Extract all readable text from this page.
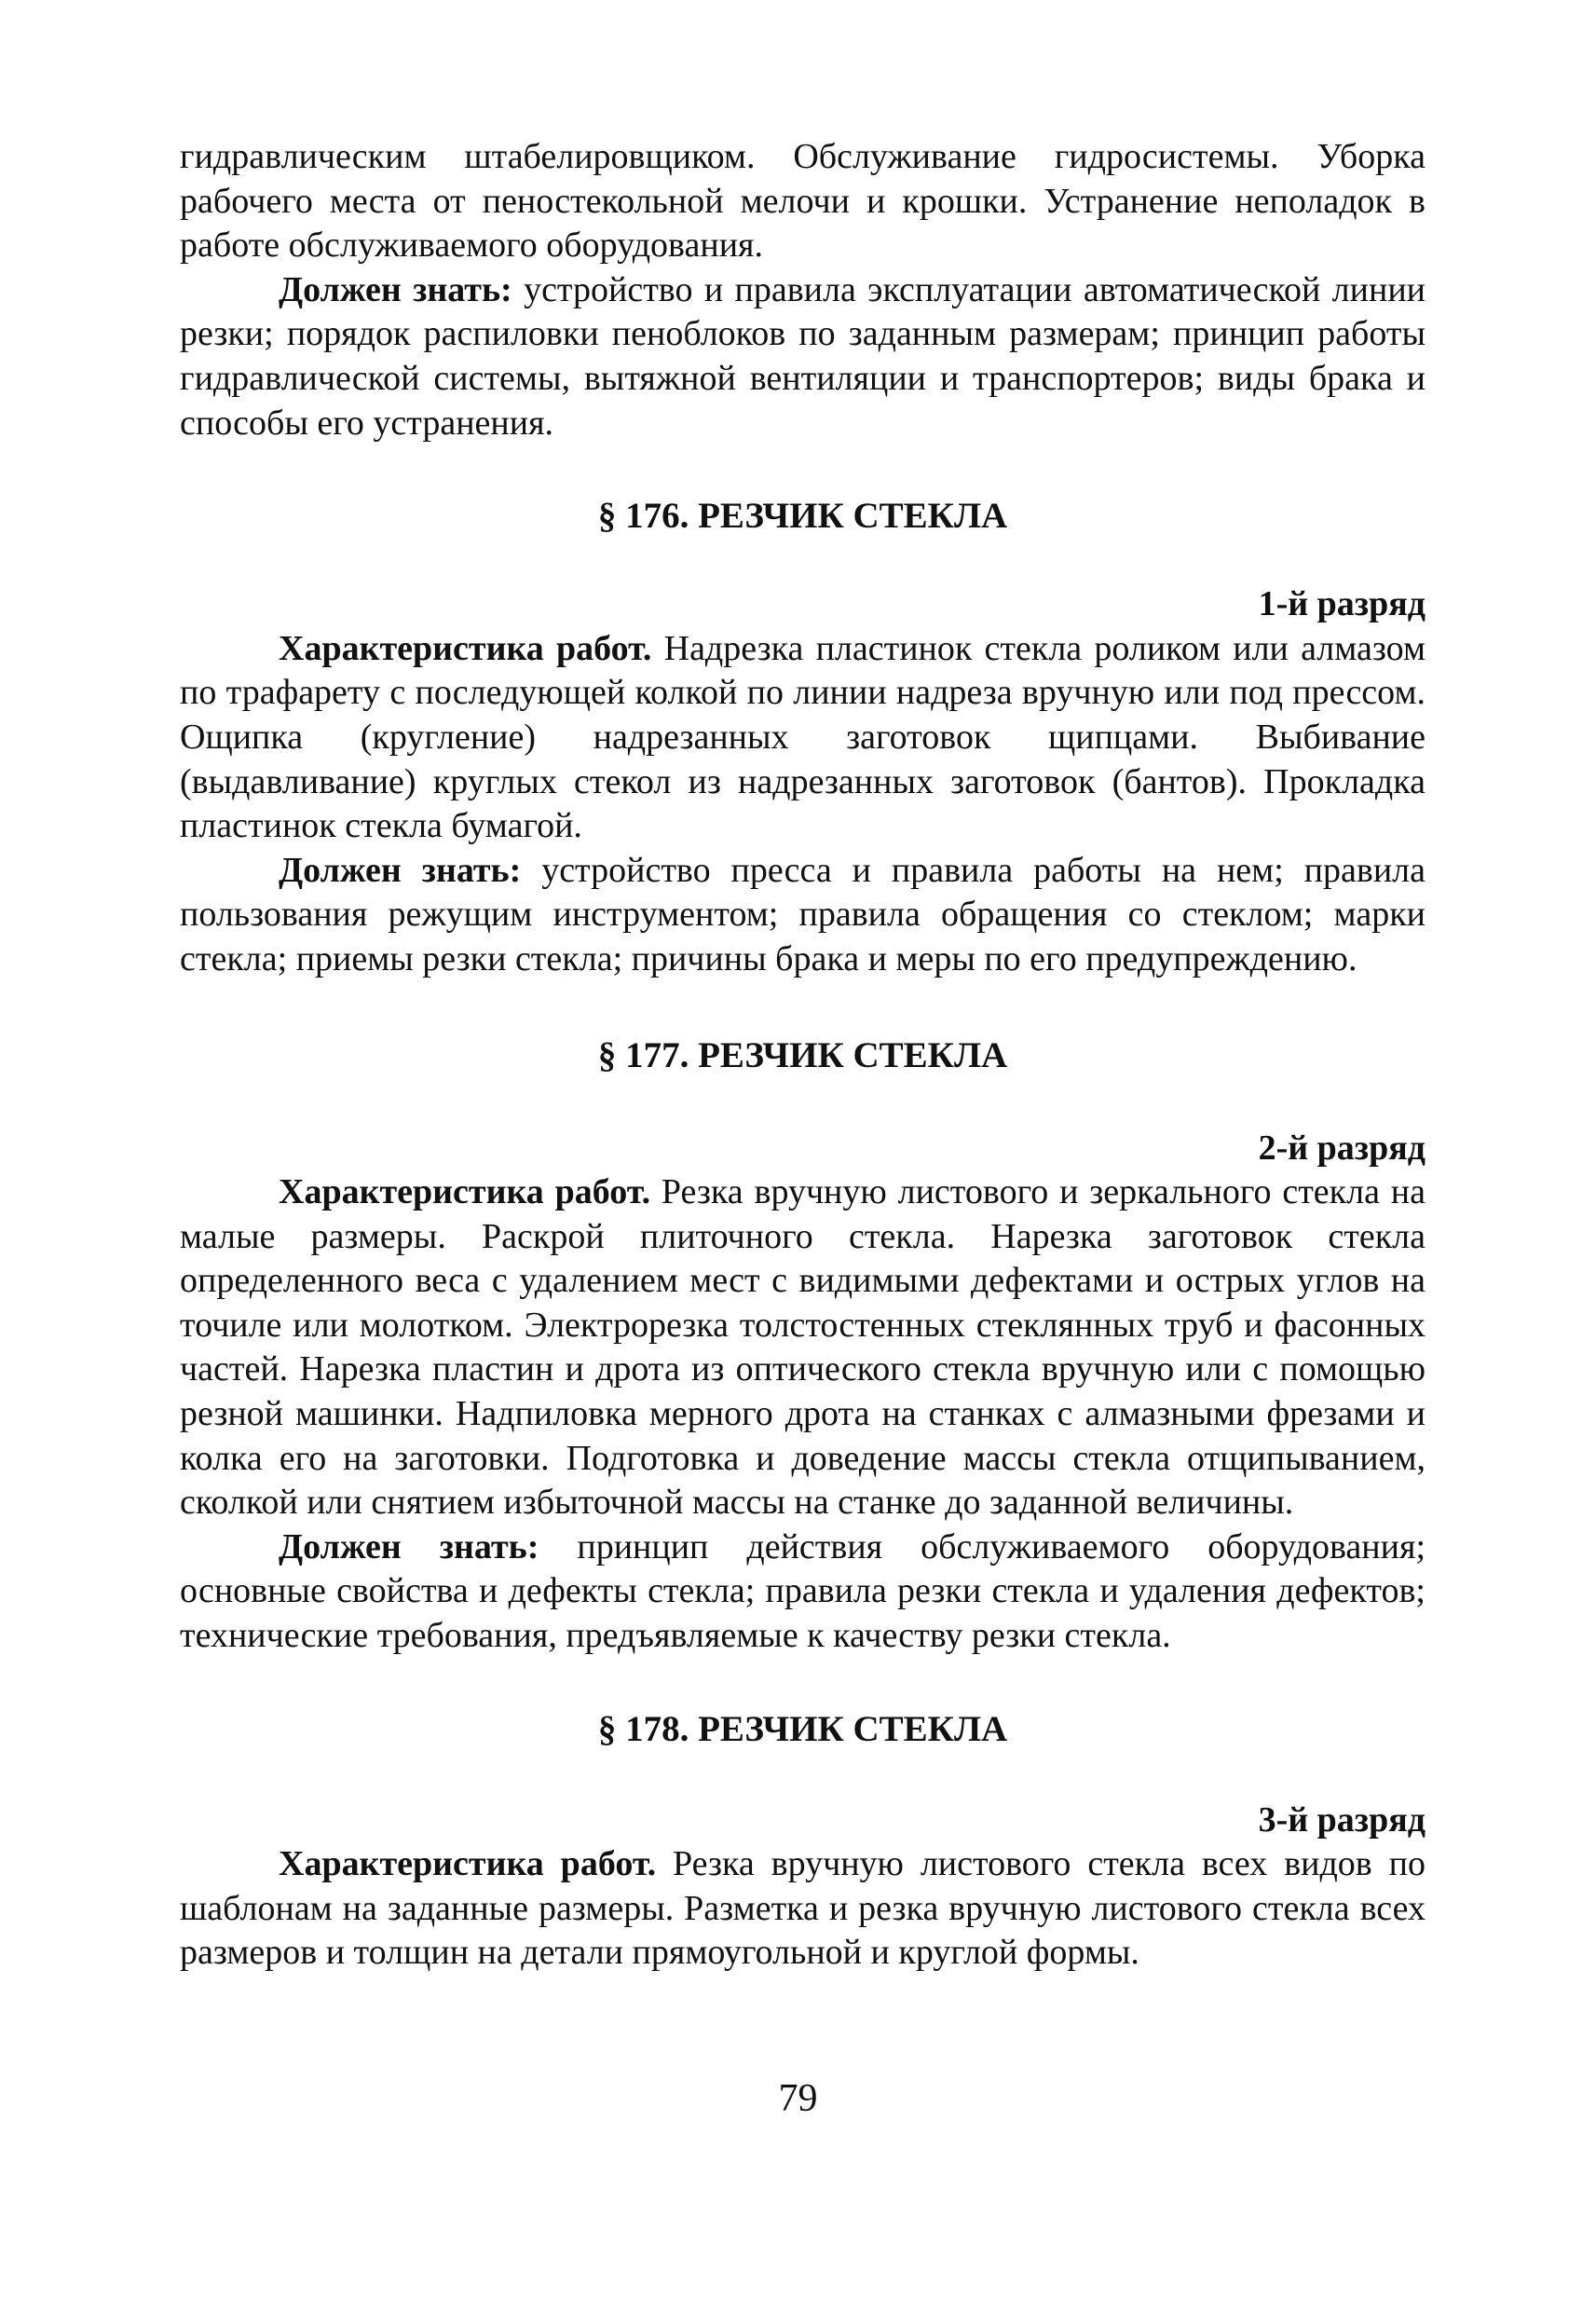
гидравлическим штабелировщиком. Обслуживание гидросистемы. Уборка рабочего места от пеностекольной мелочи и крошки. Устранение неполадок в работе обслуживаемого оборудования.

Должен знать: устройство и правила эксплуатации автоматической линии резки; порядок распиловки пеноблоков по заданным размерам; принцип работы гидравлической системы, вытяжной вентиляции и транспортеров; виды брака и способы его устранения.

§ 176. РЕЗЧИК СТЕКЛА
1-й разряд

Характеристика работ. Надрезка пластинок стекла роликом или алмазом по трафарету с последующей колкой по линии надреза вручную или под прессом. Ощипка (кругление) надрезанных заготовок щипцами. Выбивание (выдавливание) круглых стекол из надрезанных заготовок (бантов). Прокладка пластинок стекла бумагой.

Должен знать: устройство пресса и правила работы на нем; правила пользования режущим инструментом; правила обращения со стеклом; марки стекла; приемы резки стекла; причины брака и меры по его предупреждению.

§ 177. РЕЗЧИК СТЕКЛА
2-й разряд

Характеристика работ. Резка вручную листового и зеркального стекла на малые размеры. Раскрой плиточного стекла. Нарезка заготовок стекла определенного веса с удалением мест с видимыми дефектами и острых углов на точиле или молотком. Электрорезка толстостенных стеклянных труб и фасонных частей. Нарезка пластин и дрота из оптического стекла вручную или с помощью резной машинки. Надпиловка мерного дрота на станках с алмазными фрезами и колка его на заготовки. Подготовка и доведение массы стекла отщипыванием, сколкой или снятием избыточной массы на станке до заданной величины.

Должен знать: принцип действия обслуживаемого оборудования; основные свойства и дефекты стекла; правила резки стекла и удаления дефектов; технические требования, предъявляемые к качеству резки стекла.

§ 178. РЕЗЧИК СТЕКЛА
3-й разряд

Характеристика работ. Резка вручную листового стекла всех видов по шаблонам на заданные размеры. Разметка и резка вручную листового стекла всех размеров и толщин на детали прямоугольной и круглой формы.

79
